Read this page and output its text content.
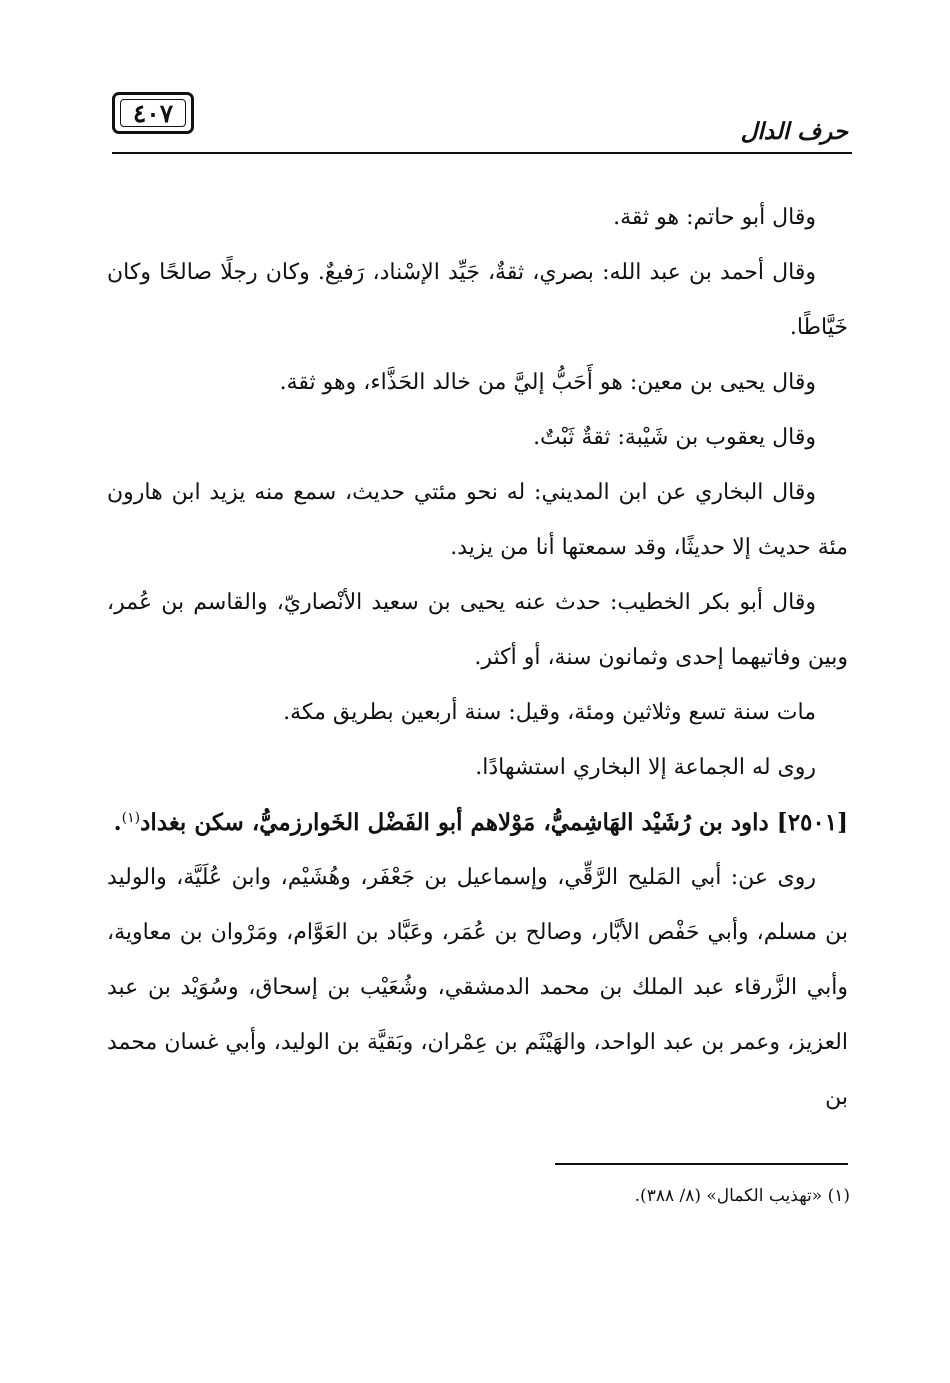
٤٠٧
حرف الدال

وقال أبو حاتم: هو ثقة.

وقال أحمد بن عبد الله: بصري، ثقةٌ، جَيِّد الإسْناد، رَفيعٌ. وكان رجلًا صالحًا وكان خَيَّاطًا.

وقال يحيى بن معين: هو أَحَبُّ إليَّ من خالد الحَذَّاء، وهو ثقة.

وقال يعقوب بن شَيْبة: ثقةٌ ثَبْتٌ.

وقال البخاري عن ابن المديني: له نحو مئتي حديث، سمع منه يزيد ابن هارون مئة حديث إلا حديثًا، وقد سمعتها أنا من يزيد.

وقال أبو بكر الخطيب: حدث عنه يحيى بن سعيد الأنْصاريّ، والقاسم بن عُمر، وبين وفاتيهما إحدى وثمانون سنة، أو أكثر.

مات سنة تسع وثلاثين ومئة، وقيل: سنة أربعين بطريق مكة.

روى له الجماعة إلا البخاري استشهادًا.

[٢٥٠١] داود بن رُشَيْد الهَاشِميُّ، مَوْلاهم أبو الفَضْل الخَوارزميُّ، سكن بغداد$^{(١)}$.

روى عن: أبي المَليح الرَّقِّي، وإسماعيل بن جَعْفَر، وهُشَيْم، وابن عُلَيَّة، والوليد بن مسلم، وأبي حَفْص الأبَّار، وصالح بن عُمَر، وعَبَّاد بن العَوَّام، ومَرْوان بن معاوية، وأبي الزَّرقاء عبد الملك بن محمد الدمشقي، وشُعَيْب بن إسحاق، وسُوَيْد بن عبد العزيز، وعمر بن عبد الواحد، والهَيْثَم بن عِمْران، وبَقيَّة بن الوليد، وأبي غسان محمد بن

(١) «تهذيب الكمال» (٨/ ٣٨٨).
